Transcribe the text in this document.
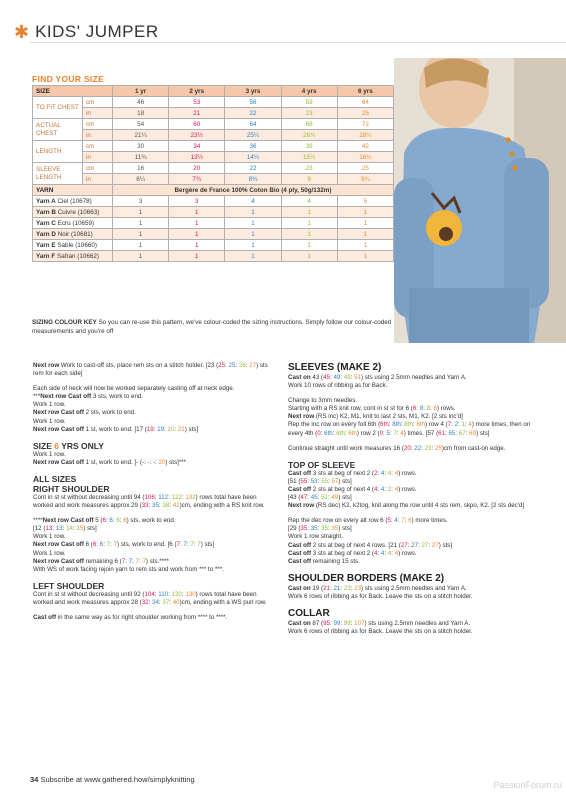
✱ KIDS' JUMPER
FIND YOUR SIZE
SIZE		1 yr	2 yrs	3 yrs	4 yrs	6 yrs
TO FIT CHEST	cm	46	53	56	59	64
	in	18	21	22	23	25
ACTUAL CHEST	cm	54	60	64	68	72
	in	21¼	23½	25¼	26¾	28¼
LENGTH	cm	30	34	36	39	42
	in	11¾	13½	14¼	15¼	16½
SLEEVE LENGTH	cm	16	20	22	23	25
	in	6¼	7¾	8¾	9	9¾
YARN		Bergère de France 100% Coton Bio (4 ply, 50g/132m)				
Yarn A Ciel (10678)		3	3	4	4	5
Yarn B Cuivre (10663)		1	1	1	1	1
Yarn C Ecru (10659)		1	1	1	1	1
Yarn D Noir (10681)		1	1	1	1	1
Yarn E Sable (10660)		1	1	1	1	1
Yarn F Safran (10662)		1	1	1	1	1
SIZING COLOUR KEY So you can re-use this pattern, we've colour-coded the sizing instructions. Simply follow our colour-coded measurements and you're off

Next row Work to cast-off sts, place rem sts on a stitch holder. [23 (25: 25: 26: 27) sts rem for each side]

Each side of neck will now be worked separately casting off at neck edge.

***Next row Cast off 3 sts, work to end.

Work 1 row.

Next row Cast off 2 sts, work to end.

Work 1 row.

Next row Cast off 1 st, work to end. [17 (19: 19: 20: 21) sts]

SIZE 6 YRS ONLY

Work 1 row.

Next row Cast off 1 st, work to end. [- (-: -: -: 20) sts]***

ALL SIZES
RIGHT SHOULDER

Cont in st st without decreasing until 94 (106: 112: 122: 132) rows total have been worked and work measures approx 29 (33: 35: 38: 41)cm, ending with a RS knit row.

****Next row Cast off 5 (6: 6: 6: 6) sts, work to end.

[12 (13: 13: 14: 15) sts]

Work 1 row.

Next row Cast off 6 (6: 6: 7: 7) sts, work to end. [6 (7: 7: 7: 7) sts]

Work 1 row.

Next row Cast off remaining 6 (7: 7: 7: 7) sts.****

With WS of work facing rejoin yarn to rem sts and work from *** to ***.

LEFT SHOULDER

Cont in st st without decreasing until 92 (104: 110: 120: 130) rows total have been worked and work measures approx 28 (32: 34: 37: 40)cm, ending with a WS purl row.

Cast off in the same way as for right shoulder working from **** to ****.

SLEEVES (MAKE 2)

Cast on 43 (45: 49: 49: 51) sts using 2.5mm needles and Yarn A.

Work 10 rows of ribbing as for Back.

Change to 3mm needles.

Starting with a RS knit row, cont in st st for 6 (6: 8: 8: 8) rows.

Next row (RS inc) K2, M1, knit to last 2 sts, M1, K2. [2 sts inc'd]

Rep the inc row on every foll 6th (6th: 8th: 8th: 8th) row 4 (7: 2: 1: 4) more times, then on every 4th (0: 6th: 6th: 6th) row 2 (0: 5: 7: 4) times. [57 (61: 65: 67: 69) sts]

Continue straight until work measures 16 (20: 22: 23: 25)cm from cast-on edge.

TOP OF SLEEVE

Cast off 3 sts at beg of next 2 (2: 4: 4: 4) rows.

[51 (55: 53: 55: 57) sts]

Cast off 2 sts at beg of next 4 (4: 4: 2: 4) rows.

[43 (47: 45: 51: 49) sts]

Next row (RS dec) K2, k2tog, knit along the row until 4 sts rem, skpo, K2. [2 sts dec'd]

Rep the dec row on every alt row 6 (5: 4: 7: 6) more times.

[29 (35: 35: 35: 35) sts]

Work 1 row straight.

Cast off 2 sts at beg of next 4 rows. [21 (27: 27: 27: 27) sts]

Cast off 3 sts at beg of next 2 (4: 4: 4: 4) rows.

Cast off remaining 15 sts.

SHOULDER BORDERS (MAKE 2)

Cast on 19 (21: 21: 23: 23) sts using 2.5mm needles and Yarn A.

Work 6 rows of ribbing as for Back. Leave the sts on a stitch holder.

COLLAR

Cast on 87 (95: 99: 99: 107) sts using 2.5mm needles and Yarn A.

Work 6 rows of ribbing as for Back. Leave the sts on a stitch holder.

34 Subscribe at www.gathered.how/simplyknitting
PassionForum.ru
